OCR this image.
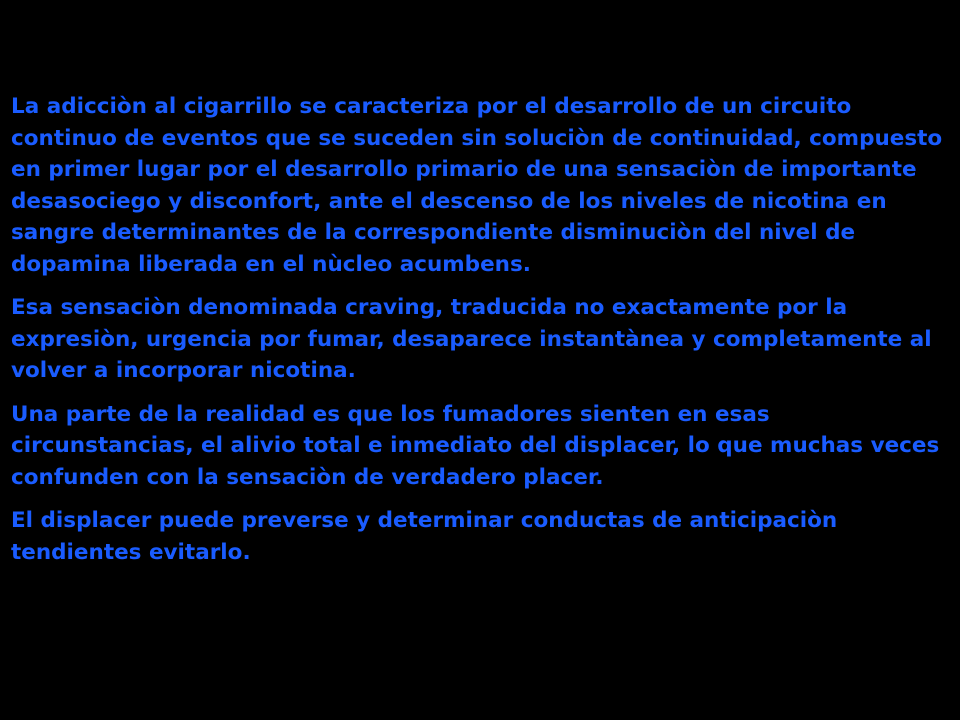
La adicciòn al cigarrillo se caracteriza por el desarrollo de un circuito continuo de eventos que se suceden sin soluciòn de continuidad, compuesto en primer lugar por el desarrollo primario de una sensaciòn de importante desasociego y disconfort, ante el descenso de los niveles de nicotina en sangre determinantes de la correspondiente disminuciòn del nivel de dopamina liberada en el nùcleo acumbens.

Esa sensaciòn denominada craving, traducida no exactamente por la expresiòn, urgencia por fumar, desaparece instantànea y completamente al volver a incorporar nicotina.

Una parte de la realidad es que los fumadores sienten en esas circunstancias, el alivio total e inmediato del displacer, lo que muchas veces confunden con la sensaciòn de verdadero placer.

El displacer puede preverse y determinar conductas de anticipaciòn tendientes evitarlo.
